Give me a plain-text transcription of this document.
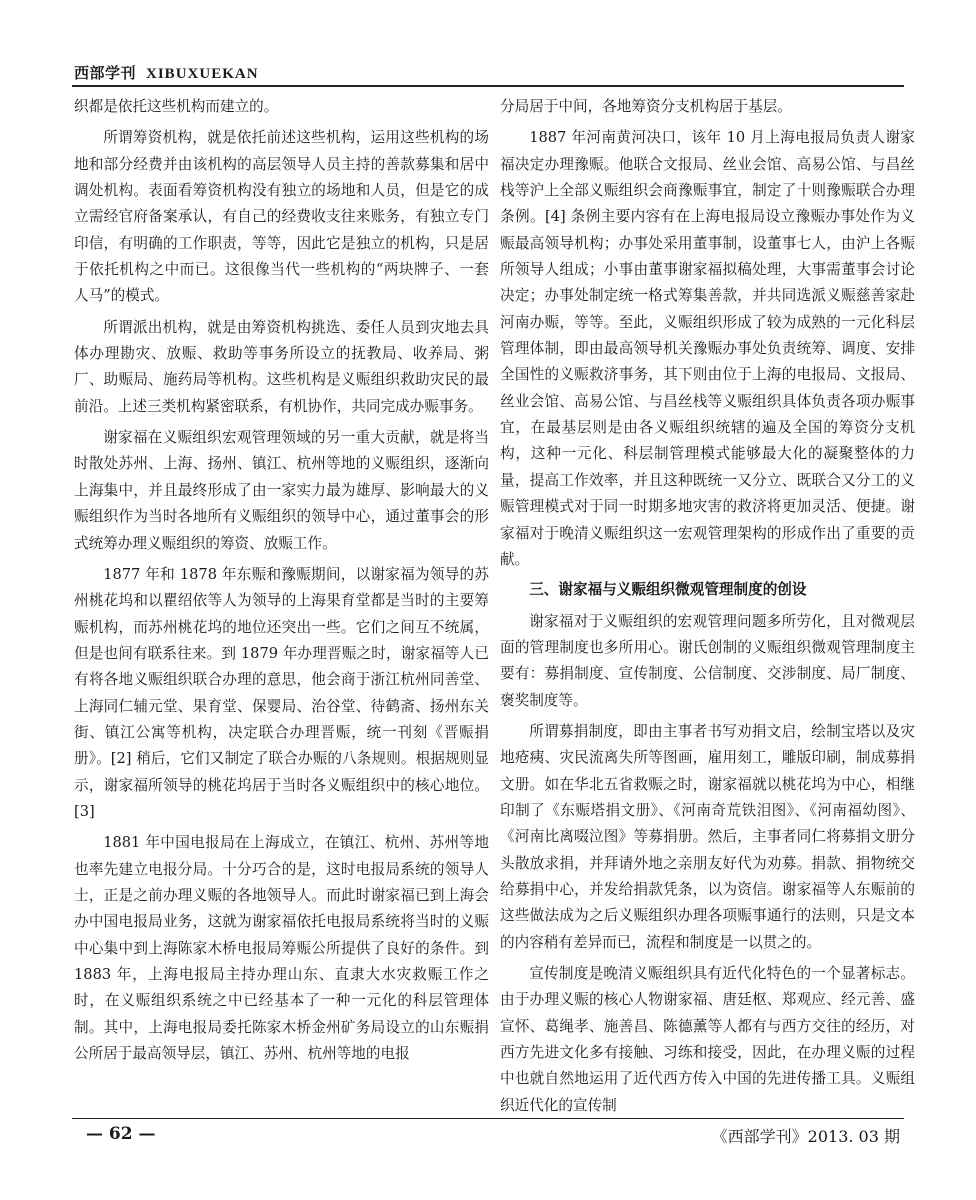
西部学刊 XIBUXUEKAN

织都是依托这些机构而建立的。

所谓筹资机构，就是依托前述这些机构，运用这些机构的场地和部分经费并由该机构的高层领导人员主持的善款募集和居中调处机构。表面看筹资机构没有独立的场地和人员，但是它的成立需经官府备案承认，有自己的经费收支往来账务，有独立专门印信，有明确的工作职责，等等，因此它是独立的机构，只是居于依托机构之中而已。这很像当代一些机构的“两块牌子、一套人马”的模式。

所谓派出机构，就是由筹资机构挑选、委任人员到灾地去具体办理勘灾、放赈、救助等事务所设立的抚教局、收养局、粥厂、助赈局、施药局等机构。这些机构是义赈组织救助灾民的最前沿。上述三类机构紧密联系，有机协作，共同完成办赈事务。

谢家福在义赈组织宏观管理领域的另一重大贡献，就是将当时散处苏州、上海、扬州、镇江、杭州等地的义赈组织，逐渐向上海集中，并且最终形成了由一家实力最为雄厚、影响最大的义赈组织作为当时各地所有义赈组织的领导中心，通过董事会的形式统筹办理义赈组织的筹资、放赈工作。

1877 年和 1878 年东赈和豫赈期间，以谢家福为领导的苏州桃花坞和以瞿绍依等人为领导的上海果育堂都是当时的主要筹赈机构，而苏州桃花坞的地位还突出一些。它们之间互不统属，但是也间有联系往来。到 1879 年办理晋赈之时，谢家福等人已有将各地义赈组织联合办理的意思，他会商于浙江杭州同善堂、上海同仁辅元堂、果育堂、保婴局、治谷堂、待鹤斋、扬州东关街、镇江公寓等机构，决定联合办理晋赈，统一刊刻《晋赈捐册》。[2] 稍后，它们又制定了联合办赈的八条规则。根据规则显示，谢家福所领导的桃花坞居于当时各义赈组织中的核心地位。[3]

1881 年中国电报局在上海成立，在镇江、杭州、苏州等地也率先建立电报分局。十分巧合的是，这时电报局系统的领导人士，正是之前办理义赈的各地领导人。而此时谢家福已到上海会办中国电报局业务，这就为谢家福依托电报局系统将当时的义赈中心集中到上海陈家木桥电报局筹赈公所提供了良好的条件。到 1883 年，上海电报局主持办理山东、直隶大水灾救赈工作之时，在义赈组织系统之中已经基本了一种一元化的科层管理体制。其中，上海电报局委托陈家木桥金州矿务局设立的山东赈捐公所居于最高领导层，镇江、苏州、杭州等地的电报

分局居于中间，各地筹资分支机构居于基层。

1887 年河南黄河决口，该年 10 月上海电报局负责人谢家福决定办理豫赈。他联合文报局、丝业会馆、高易公馆、与昌丝栈等沪上全部义赈组织会商豫赈事宜，制定了十则豫赈联合办理条例。[4] 条例主要内容有在上海电报局设立豫赈办事处作为义赈最高领导机构；办事处采用董事制，设董事七人，由沪上各赈所领导人组成；小事由董事谢家福拟稿处理，大事需董事会讨论决定；办事处制定统一格式筹集善款，并共同选派义赈慈善家赴河南办赈，等等。至此，义赈组织形成了较为成熟的一元化科层管理体制，即由最高领导机关豫赈办事处负责统筹、调度、安排全国性的义赈救济事务，其下则由位于上海的电报局、文报局、丝业会馆、高易公馆、与昌丝栈等义赈组织具体负责各项办赈事宜，在最基层则是由各义赈组织统辖的遍及全国的筹资分支机构，这种一元化、科层制管理模式能够最大化的凝聚整体的力量，提高工作效率，并且这种既统一又分立、既联合又分工的义赈管理模式对于同一时期多地灾害的救济将更加灵活、便捷。谢家福对于晚清义赈组织这一宏观管理架构的形成作出了重要的贡献。

三、谢家福与义赈组织微观管理制度的创设

谢家福对于义赈组织的宏观管理问题多所劳化，且对微观层面的管理制度也多所用心。谢氏创制的义赈组织微观管理制度主要有：募捐制度、宣传制度、公信制度、交涉制度、局厂制度、褒奖制度等。

所谓募捐制度，即由主事者书写劝捐文启，绘制宝塔以及灾地疮痍、灾民流离失所等图画，雇用刻工，雕版印刷，制成募捐文册。如在华北五省救赈之时，谢家福就以桃花坞为中心，相继印制了《东赈塔捐文册》、《河南奇荒铁泪图》、《河南福幼图》、《河南比离啜泣图》等募捐册。然后，主事者同仁将募捐文册分头散放求捐，并拜请外地之亲朋友好代为劝募。捐款、捐物统交给募捐中心，并发给捐款凭条，以为资信。谢家福等人东赈前的这些做法成为之后义赈组织办理各项赈事通行的法则，只是文本的内容稍有差异而已，流程和制度是一以贯之的。

宣传制度是晚清义赈组织具有近代化特色的一个显著标志。由于办理义赈的核心人物谢家福、唐廷枢、郑观应、经元善、盛宣怀、葛绳孝、施善昌、陈德薰等人都有与西方交往的经历，对西方先进文化多有接触、习练和接受，因此，在办理义赈的过程中也就自然地运用了近代西方传入中国的先进传播工具。义赈组织近代化的宣传制

— 62 —	《西部学刊》2013. 03 期
